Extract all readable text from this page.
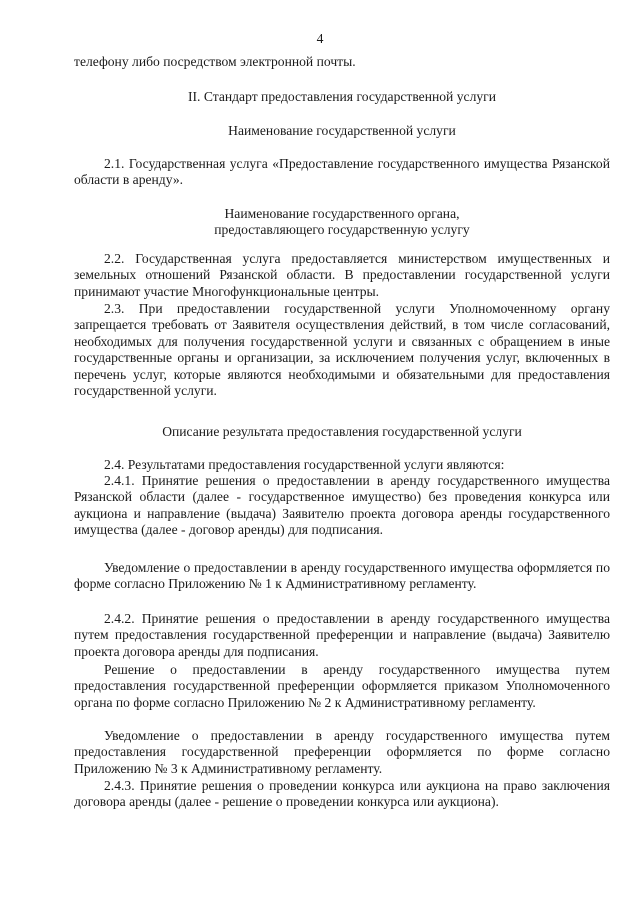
4

телефону либо посредством электронной почты.

II. Стандарт предоставления государственной услуги

Наименование государственной услуги

2.1. Государственная услуга «Предоставление государственного имущества Рязанской области в аренду».

Наименование государственного органа,
предоставляющего государственную услугу

2.2. Государственная услуга предоставляется министерством имущественных и земельных отношений Рязанской области. В предоставлении государственной услуги принимают участие Многофункциональные центры.

2.3. При предоставлении государственной услуги Уполномоченному органу запрещается требовать от Заявителя осуществления действий, в том числе согласований, необходимых для получения государственной услуги и связанных с обращением в иные государственные органы и организации, за исключением получения услуг, включенных в перечень услуг, которые являются необходимыми и обязательными для предоставления государственной услуги.

Описание результата предоставления государственной услуги

2.4. Результатами предоставления государственной услуги являются:

2.4.1. Принятие решения о предоставлении в аренду государственного имущества Рязанской области (далее - государственное имущество) без проведения конкурса или аукциона и направление (выдача) Заявителю проекта договора аренды государственного имущества (далее - договор аренды) для подписания.

Уведомление о предоставлении в аренду государственного имущества оформляется по форме согласно Приложению № 1 к Административному регламенту.

2.4.2. Принятие решения о предоставлении в аренду государственного имущества путем предоставления государственной преференции и направление (выдача) Заявителю проекта договора аренды для подписания.

Решение о предоставлении в аренду государственного имущества путем предоставления государственной преференции оформляется приказом Уполномоченного органа по форме согласно Приложению № 2 к Административному регламенту.

Уведомление о предоставлении в аренду государственного имущества путем предоставления государственной преференции оформляется по форме согласно Приложению № 3 к Административному регламенту.

2.4.3. Принятие решения о проведении конкурса или аукциона на право заключения договора аренды (далее - решение о проведении конкурса или аукциона).
